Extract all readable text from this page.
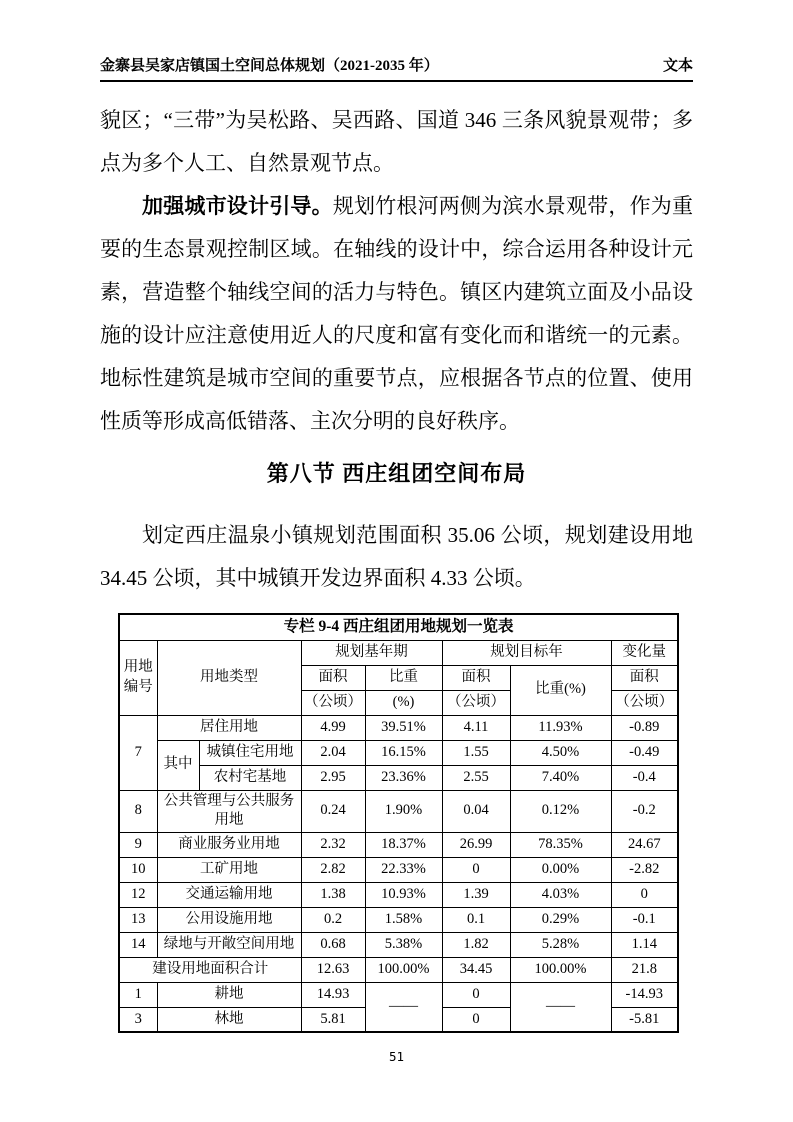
金寨县吴家店镇国土空间总体规划（2021-2035 年）	文本

貌区；“三带”为吴松路、吴西路、国道 346 三条风貌景观带；多点为多个人工、自然景观节点。

加强城市设计引导。规划竹根河两侧为滨水景观带，作为重要的生态景观控制区域。在轴线的设计中，综合运用各种设计元素，营造整个轴线空间的活力与特色。镇区内建筑立面及小品设施的设计应注意使用近人的尺度和富有变化而和谐统一的元素。地标性建筑是城市空间的重要节点，应根据各节点的位置、使用性质等形成高低错落、主次分明的良好秩序。

第八节 西庄组团空间布局

划定西庄温泉小镇规划范围面积 35.06 公顷，规划建设用地 34.45 公顷，其中城镇开发边界面积 4.33 公顷。

专栏 9-4 西庄组团用地规划一览表							
用地编号	用地类型		规划基年期		规划目标年		变化量
			面积	比重	面积	比重(%)	面积
			（公顷）	(%)	（公顷）		（公顷）
7	居住用地		4.99	39.51%	4.11	11.93%	-0.89
	其中	城镇住宅用地	2.04	16.15%	1.55	4.50%	-0.49
		农村宅基地	2.95	23.36%	2.55	7.40%	-0.4
8	公共管理与公共服务用地		0.24	1.90%	0.04	0.12%	-0.2
9	商业服务业用地		2.32	18.37%	26.99	78.35%	24.67
10	工矿用地		2.82	22.33%	0	0.00%	-2.82
12	交通运输用地		1.38	10.93%	1.39	4.03%	0
13	公用设施用地		0.2	1.58%	0.1	0.29%	-0.1
14	绿地与开敞空间用地		0.68	5.38%	1.82	5.28%	1.14
建设用地面积合计			12.63	100.00%	34.45	100.00%	21.8
1	耕地		14.93	——	0	——	-14.93
3	林地		5.81		0		-5.81
51
